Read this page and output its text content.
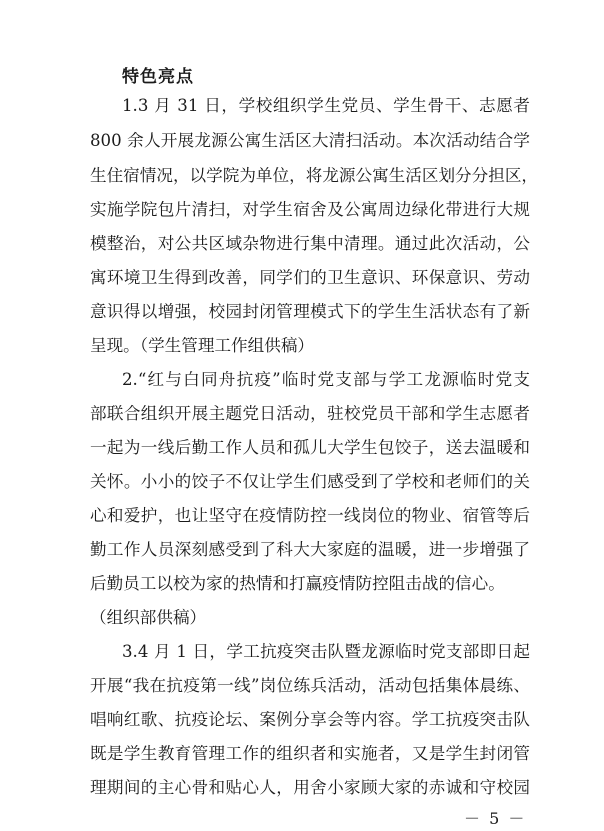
特色亮点
1.3 月 31 日，学校组织学生党员、学生骨干、志愿者
800 余人开展龙源公寓生活区大清扫活动。本次活动结合学
生住宿情况，以学院为单位，将龙源公寓生活区划分分担区，
实施学院包片清扫，对学生宿舍及公寓周边绿化带进行大规
模整治，对公共区域杂物进行集中清理。通过此次活动，公
寓环境卫生得到改善，同学们的卫生意识、环保意识、劳动
意识得以增强，校园封闭管理模式下的学生生活状态有了新
呈现。（学生管理工作组供稿）
2.“红与白同舟抗疫”临时党支部与学工龙源临时党支
部联合组织开展主题党日活动，驻校党员干部和学生志愿者
一起为一线后勤工作人员和孤儿大学生包饺子，送去温暖和
关怀。小小的饺子不仅让学生们感受到了学校和老师们的关
心和爱护，也让坚守在疫情防控一线岗位的物业、宿管等后
勤工作人员深刻感受到了科大大家庭的温暖，进一步增强了
后勤员工以校为家的热情和打赢疫情防控阻击战的信心。
（组织部供稿）
3.4 月 1 日，学工抗疫突击队暨龙源临时党支部即日起
开展“我在抗疫第一线”岗位练兵活动，活动包括集体晨练、
唱响红歌、抗疫论坛、案例分享会等内容。学工抗疫突击队
既是学生教育管理工作的组织者和实施者，又是学生封闭管
理期间的主心骨和贴心人，用舍小家顾大家的赤诚和守校园
－ 5 －
